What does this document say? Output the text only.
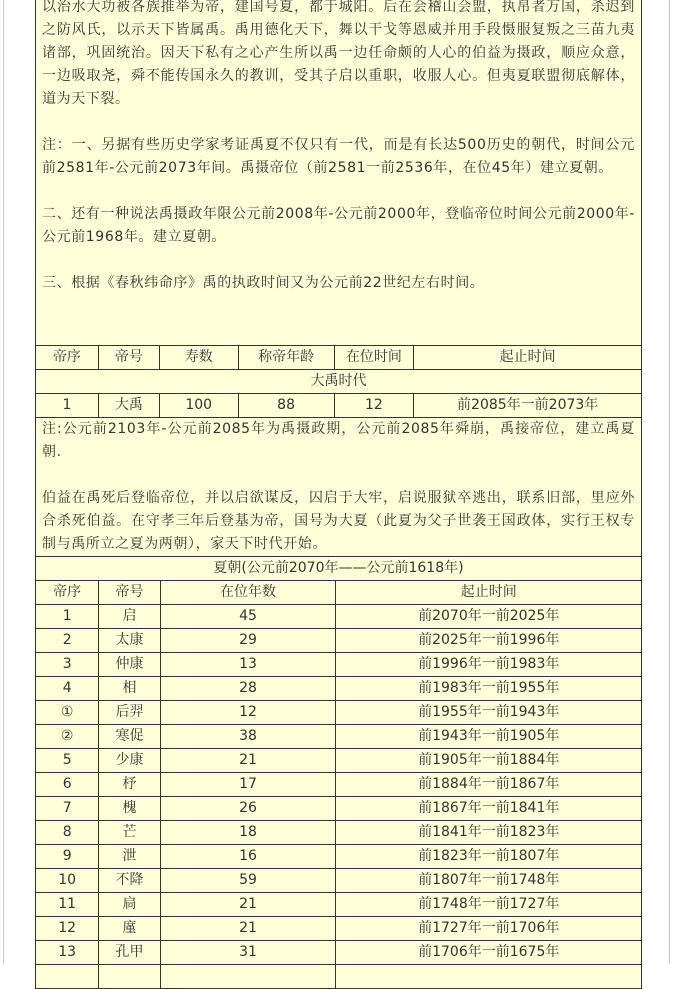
以治水大功被各族推举为帝，建国号夏，都于城阳。后在会稽山会盟，执帛者万国，杀迟到之防风氏，以示天下皆属禹。禹用德化天下，舞以干戈等恩威并用手段慑服复叛之三苗九夷诸部，巩固统治。因天下私有之心产生所以禹一边任命颇的人心的伯益为摄政，顺应众意，一边吸取尧，舜不能传国永久的教训，受其子启以重职，收服人心。但夷夏联盟彻底解体，道为天下裂。

注：一、另据有些历史学家考证禹夏不仅只有一代，而是有长达500历史的朝代，时间公元前2581年-公元前2073年间。禹摄帝位（前2581一前2536年，在位45年）建立夏朝。

二、还有一种说法禹摄政年限公元前2008年-公元前2000年，登临帝位时间公元前2000年-公元前1968年。建立夏朝。

三、根据《春秋纬命序》禹的执政时间又为公元前22世纪左右时间。					

帝序	帝号	寿数	称帝年龄	在位时间	起止时间
大禹时代					
1	大禹	100	88	12	前2085年一前2073年

注:公元前2103年-公元前2085年为禹摄政期，公元前2085年舜崩，禹接帝位，建立禹夏朝.

伯益在禹死后登临帝位，并以启欲谋反，囚启于大牢，启说服狱卒逃出，联系旧部，里应外合杀死伯益。在守孝三年后登基为帝，国号为大夏（此夏为父子世袭王国政体，实行王权专制与禹所立之夏为两朝），家天下时代开始。					

夏朝(公元前2070年——公元前1618年)			
帝序	帝号	在位年数	起止时间
1	启	45	前2070年一前2025年
2	太康	29	前2025年一前1996年
3	仲康	13	前1996年一前1983年
4	相	28	前1983年一前1955年
①	后羿	12	前1955年一前1943年
②	寒促	38	前1943年一前1905年
5	少康	21	前1905年一前1884年
6	杼	17	前1884年一前1867年
7	槐	26	前1867年一前1841年
8	芒	18	前1841年一前1823年
9	泄	16	前1823年一前1807年
10	不降	59	前1807年一前1748年
11	扃	21	前1748年一前1727年
12	廑	21	前1727年一前1706年
13	孔甲	31	前1706年一前1675年
